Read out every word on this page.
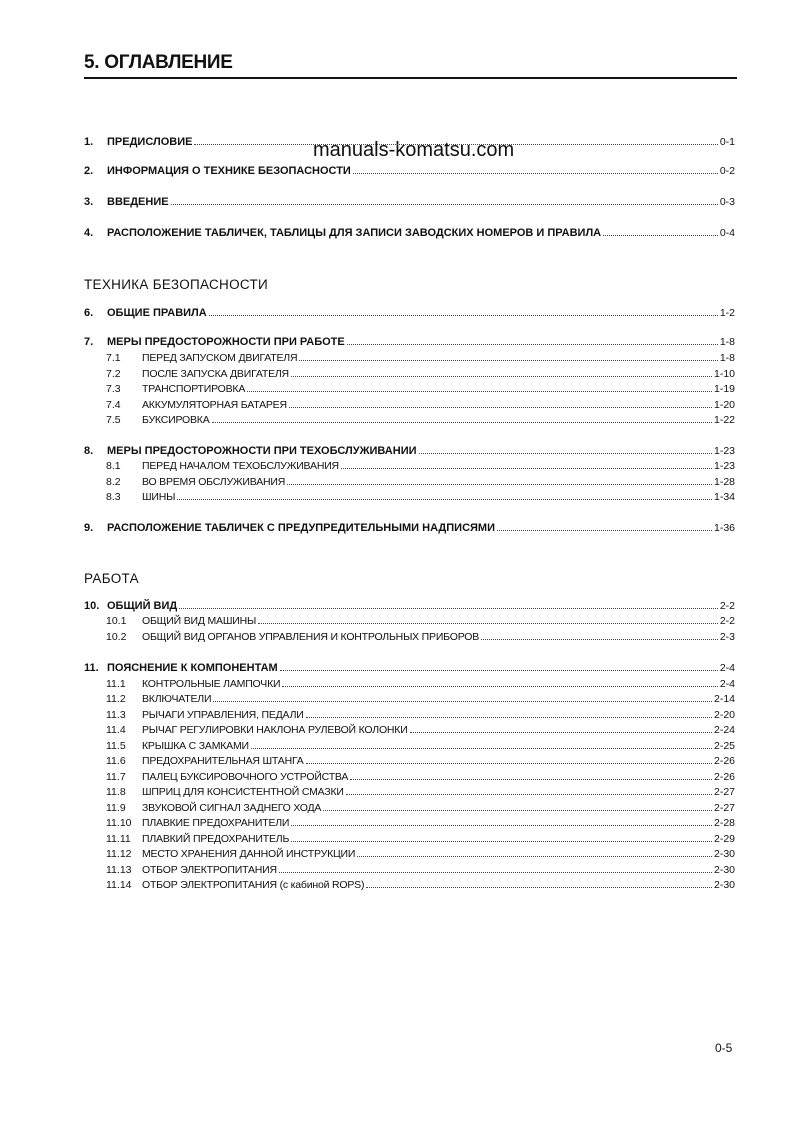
5. ОГЛАВЛЕНИЕ
manuals-komatsu.com
ТЕХНИКА БЕЗОПАСНОСТИ
РАБОТА
1.	ПРЕДИСЛОВИЕ	0-1
2.	ИНФОРМАЦИЯ О ТЕХНИКЕ БЕЗОПАСНОСТИ	0-2
3.	ВВЕДЕНИЕ	0-3
4.	РАСПОЛОЖЕНИЕ ТАБЛИЧЕК, ТАБЛИЦЫ ДЛЯ ЗАПИСИ ЗАВОДСКИХ НОМЕРОВ И ПРАВИЛА	0-4
6.	ОБЩИЕ ПРАВИЛА	1-2
7.	МЕРЫ ПРЕДОСТОРОЖНОСТИ ПРИ РАБОТЕ	1-8
7.1	ПЕРЕД ЗАПУСКОМ ДВИГАТЕЛЯ	1-8
7.2	ПОСЛЕ ЗАПУСКА ДВИГАТЕЛЯ	1-10
7.3	ТРАНСПОРТИРОВКА	1-19
7.4	АККУМУЛЯТОРНАЯ БАТАРЕЯ	1-20
7.5	БУКСИРОВКА	1-22
8.	МЕРЫ ПРЕДОСТОРОЖНОСТИ ПРИ ТЕХОБСЛУЖИВАНИИ	1-23
8.1	ПЕРЕД НАЧАЛОМ ТЕХОБСЛУЖИВАНИЯ	1-23
8.2	ВО ВРЕМЯ ОБСЛУЖИВАНИЯ	1-28
8.3	ШИНЫ	1-34
9.	РАСПОЛОЖЕНИЕ ТАБЛИЧЕК С ПРЕДУПРЕДИТЕЛЬНЫМИ НАДПИСЯМИ	1-36
10. ОБЩИЙ ВИД	2-2
10.1	ОБЩИЙ ВИД МАШИНЫ	2-2
10.2	ОБЩИЙ ВИД ОРГАНОВ УПРАВЛЕНИЯ И КОНТРОЛЬНЫХ ПРИБОРОВ	2-3
11. ПОЯСНЕНИЕ К КОМПОНЕНТАМ	2-4
11.1	КОНТРОЛЬНЫЕ ЛАМПОЧКИ	2-4
11.2	ВКЛЮЧАТЕЛИ	2-14
11.3	РЫЧАГИ УПРАВЛЕНИЯ, ПЕДАЛИ	2-20
11.4	РЫЧАГ РЕГУЛИРОВКИ НАКЛОНА РУЛЕВОЙ КОЛОНКИ	2-24
11.5	КРЫШКА С ЗАМКАМИ	2-25
11.6	ПРЕДОХРАНИТЕЛЬНАЯ ШТАНГА	2-26
11.7	ПАЛЕЦ БУКСИРОВОЧНОГО УСТРОЙСТВА	2-26
11.8	ШПРИЦ ДЛЯ КОНСИСТЕНТНОЙ СМАЗКИ	2-27
11.9	ЗВУКОВОЙ СИГНАЛ ЗАДНЕГО ХОДА	2-27
11.10	ПЛАВКИЕ ПРЕДОХРАНИТЕЛИ	2-28
11.11	ПЛАВКИЙ ПРЕДОХРАНИТЕЛЬ	2-29
11.12	МЕСТО ХРАНЕНИЯ ДАННОЙ ИНСТРУКЦИИ	2-30
11.13	ОТБОР ЭЛЕКТРОПИТАНИЯ	2-30
11.14	ОТБОР ЭЛЕКТРОПИТАНИЯ (с кабиной ROPS)	2-30
0-5
